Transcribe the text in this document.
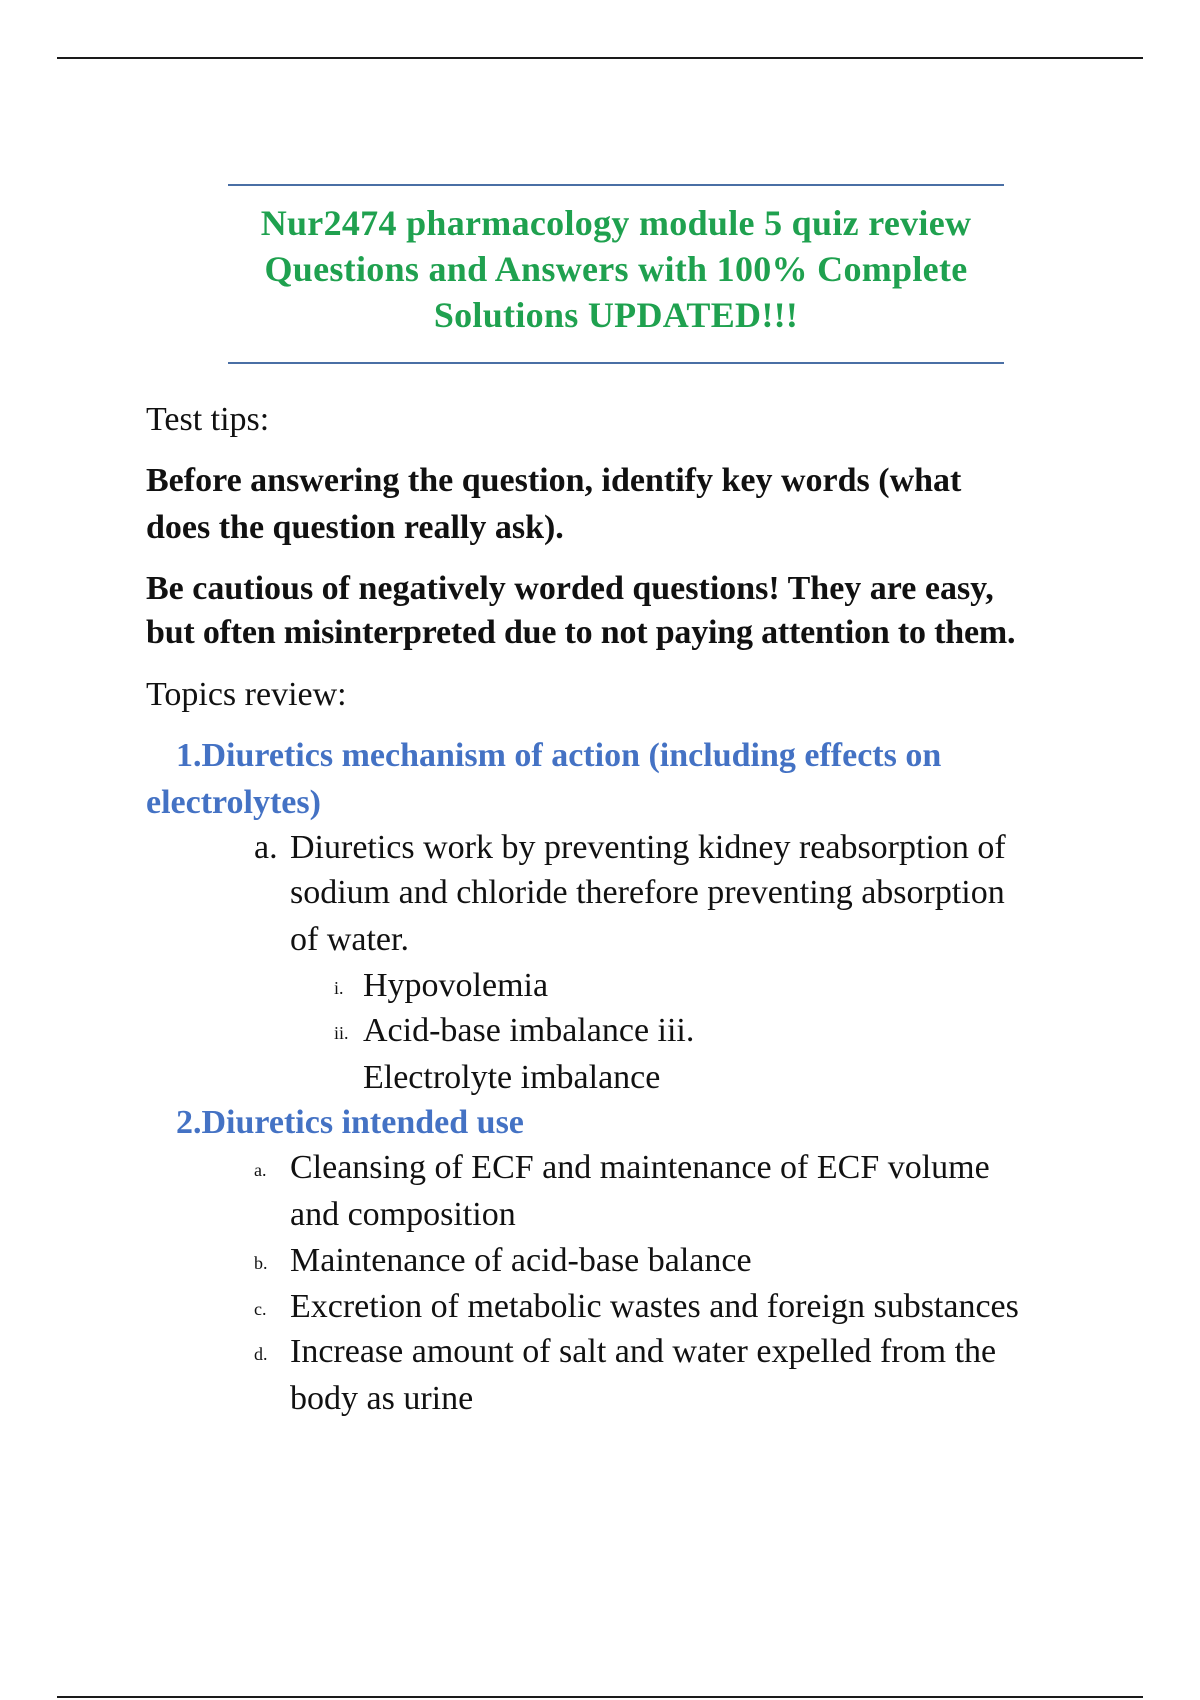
Nur2474 pharmacology module 5 quiz review
Questions and Answers with 100% Complete
Solutions UPDATED!!!
Test tips:
Before answering the question, identify key words (what
does the question really ask).
Be cautious of negatively worded questions! They are easy,
but often misinterpreted due to not paying attention to them.
Topics review:
1.Diuretics mechanism of action (including effects on
electrolytes)
a. Diuretics work by preventing kidney reabsorption of
sodium and chloride therefore preventing absorption
of water.
i. Hypovolemia
ii. Acid-base imbalance iii.
Electrolyte imbalance
2.Diuretics intended use
a. Cleansing of ECF and maintenance of ECF volume
and composition
b. Maintenance of acid-base balance
c. Excretion of metabolic wastes and foreign substances
d. Increase amount of salt and water expelled from the
body as urine
